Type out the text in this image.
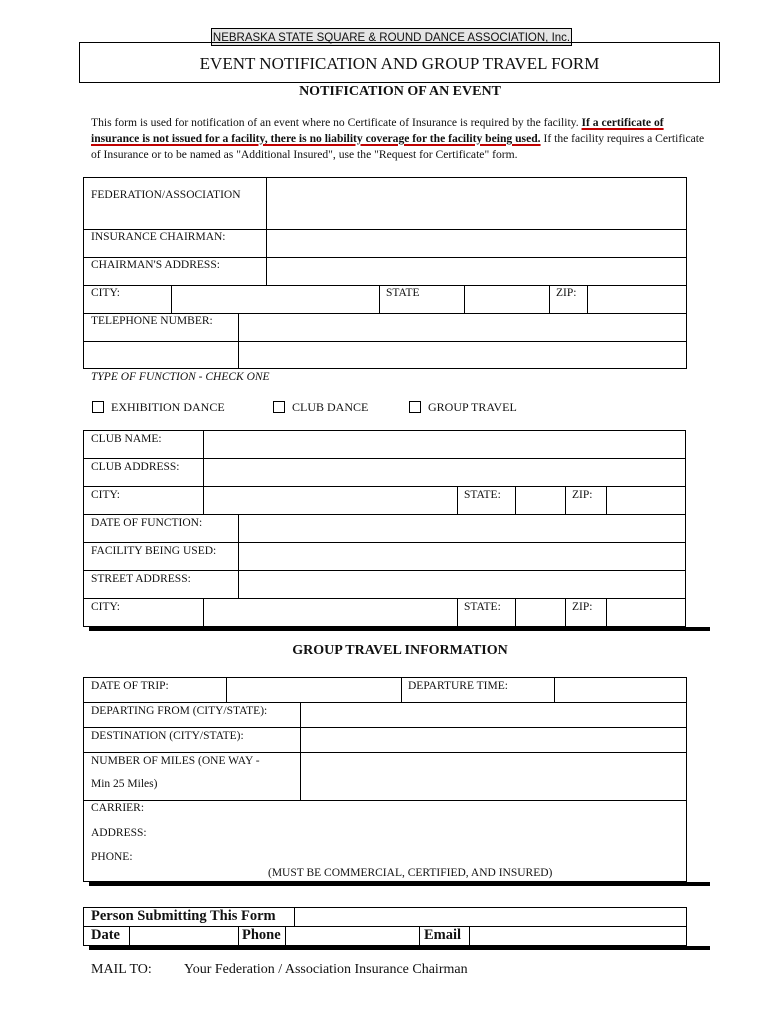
NEBRASKA STATE SQUARE & ROUND DANCE ASSOCIATION, Inc.
EVENT NOTIFICATION AND GROUP TRAVEL FORM
NOTIFICATION OF AN EVENT
This form is used for notification of an event where no Certificate of Insurance is required by the facility. If a certificate of insurance is not issued for a facility, there is no liability coverage for the facility being used. If the facility requires a Certificate of Insurance or to be named as "Additional Insured", use the "Request for Certificate" form.
FEDERATION/ASSOCIATION
INSURANCE CHAIRMAN:
CHAIRMAN'S ADDRESS:
CITY:	STATE	ZIP:
TELEPHONE NUMBER:
TYPE OF FUNCTION - CHECK ONE
EXHIBITION DANCE	CLUB DANCE	GROUP TRAVEL
CLUB NAME:
CLUB ADDRESS:
CITY:	STATE:	ZIP:
DATE OF FUNCTION:
FACILITY BEING USED:
STREET ADDRESS:
CITY:	STATE:	ZIP:
GROUP TRAVEL INFORMATION
DATE OF TRIP:	DEPARTURE TIME:
DEPARTING FROM (CITY/STATE):
DESTINATION (CITY/STATE):
NUMBER OF MILES (ONE WAY -
Min 25 Miles)
CARRIER:
ADDRESS:
PHONE:
(MUST BE COMMERCIAL, CERTIFIED, AND INSURED)
Person Submitting This Form
Date	Phone	Email
MAIL TO: Your Federation / Association Insurance Chairman
